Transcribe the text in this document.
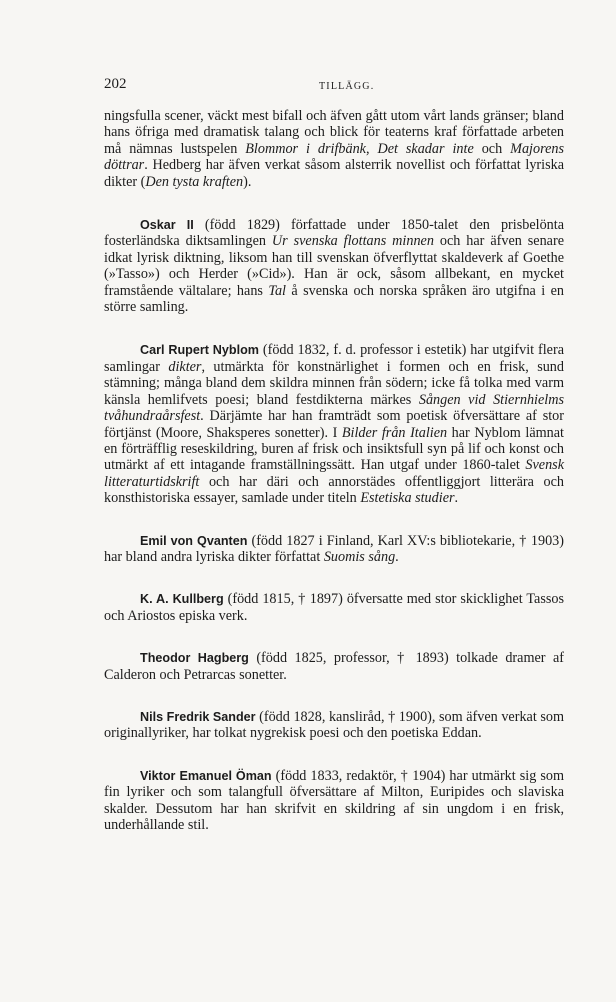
202	TILLÄGG.

ningsfulla scener, väckt mest bifall och äfven gått utom vårt lands gränser; bland hans öfriga med dramatisk talang och blick för teaterns kraf författade arbeten må nämnas lustspelen Blommor i drifbänk, Det skadar inte och Majorens döttrar. Hedberg har äfven verkat såsom alsterrik novellist och författat lyriska dikter (Den tysta kraften).

Oskar II (född 1829) författade under 1850-talet den prisbelönta fosterländska diktsamlingen Ur svenska flottans minnen och har äfven senare idkat lyrisk diktning, liksom han till svenskan öfverflyttat skaldeverk af Goethe (»Tasso») och Herder (»Cid»). Han är ock, såsom allbekant, en mycket framstående vältalare; hans Tal å svenska och norska språken äro utgifna i en större samling.

Carl Rupert Nyblom (född 1832, f. d. professor i estetik) har utgifvit flera samlingar dikter, utmärkta för konstnärlighet i formen och en frisk, sund stämning; många bland dem skildra minnen från södern; icke få tolka med varm känsla hemlifvets poesi; bland festdikterna märkes Sången vid Stiernhielms tvåhundraårsfest. Därjämte har han framträdt som poetisk öfversättare af stor förtjänst (Moore, Shaksperes sonetter). I Bilder från Italien har Nyblom lämnat en förträfflig reseskildring, buren af frisk och insiktsfull syn på lif och konst och utmärkt af ett intagande framställningssätt. Han utgaf under 1860-talet Svensk litteraturtidskrift och har däri och annorstädes offentliggjort litterära och konsthistoriska essayer, samlade under titeln Estetiska studier.

Emil von Qvanten (född 1827 i Finland, Karl XV:s bibliotekarie, † 1903) har bland andra lyriska dikter författat Suomis sång.

K. A. Kullberg (född 1815, † 1897) öfversatte med stor skicklighet Tassos och Ariostos episka verk.

Theodor Hagberg (född 1825, professor, † 1893) tolkade dramer af Calderon och Petrarcas sonetter.

Nils Fredrik Sander (född 1828, kansliråd, † 1900), som äfven verkat som originallyriker, har tolkat nygrekisk poesi och den poetiska Eddan.

Viktor Emanuel Öman (född 1833, redaktör, † 1904) har utmärkt sig som fin lyriker och som talangfull öfversättare af Milton, Euripides och slaviska skalder. Dessutom har han skrifvit en skildring af sin ungdom i en frisk, underhållande stil.
